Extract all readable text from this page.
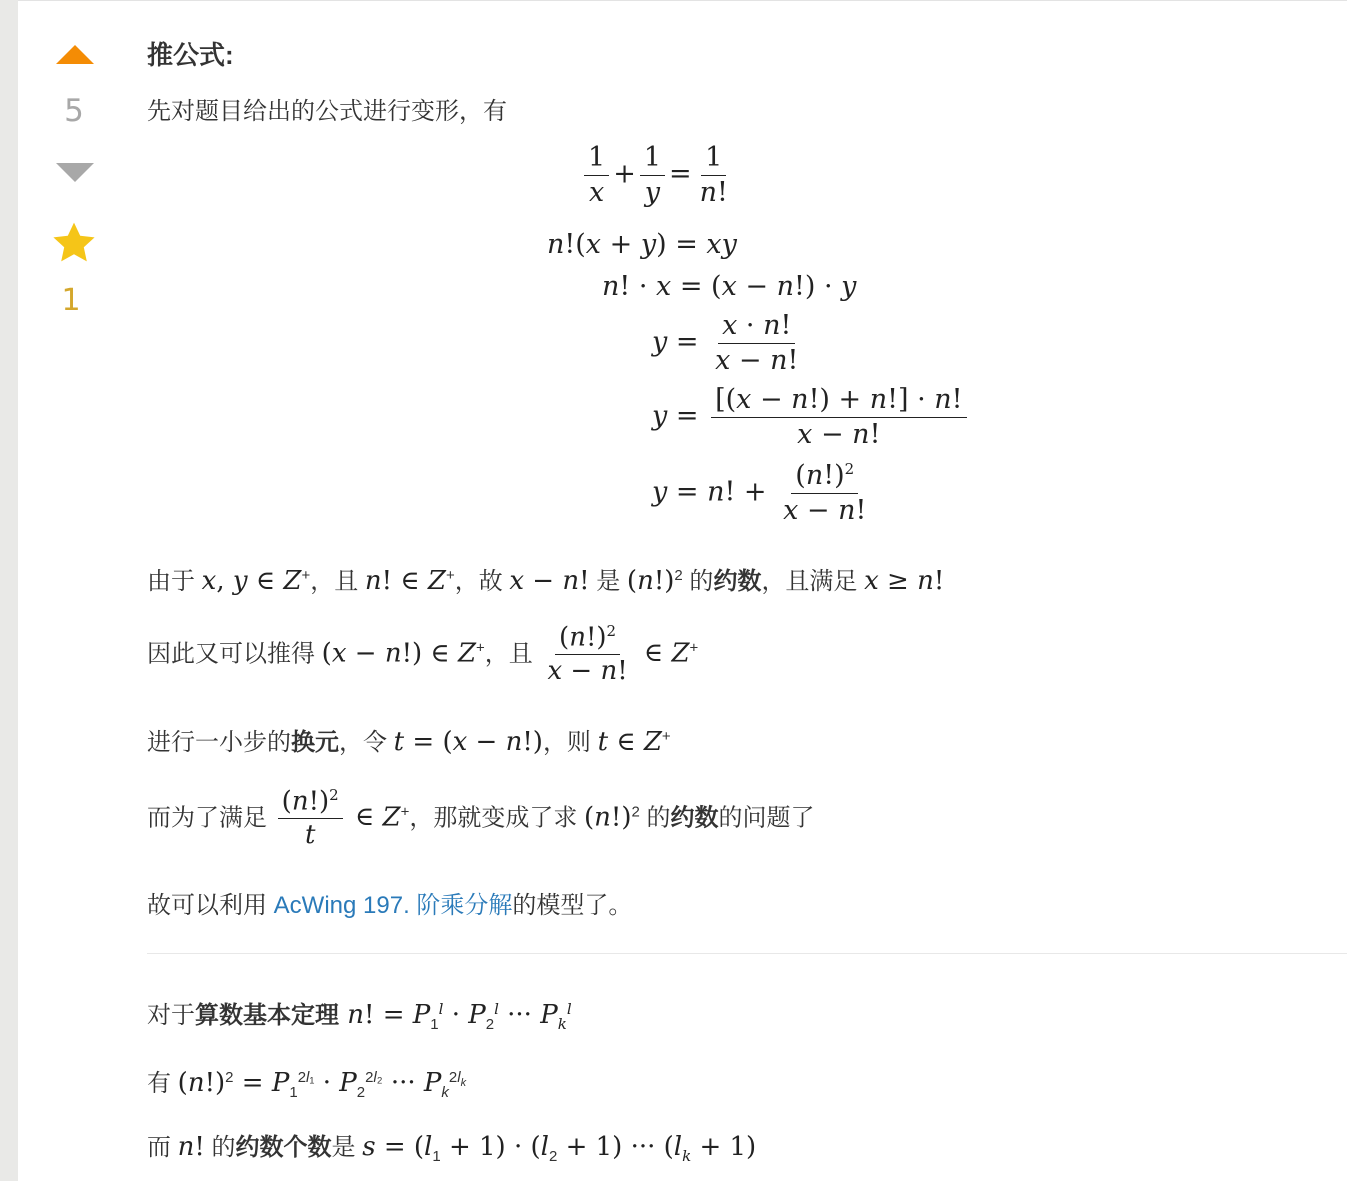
5
1
推公式:
先对题目给出的公式进行变形，有
$\frac{1}{x} + \frac{1}{y} = \frac{1}{n!}$
n!(x + y) = xy
n! · x = (x − n!) · y
$y = \frac{x \cdot n!}{x - n!}$
$y = \frac{[(x - n!) + n!] \cdot n!}{x - n!}$
y = n! + $\frac{(n!)^2}{x - n!}$
由于 x, y ∈ Z+，且 n! ∈ Z+，故 x − n! 是 $(n!)^2$ 的约数，且满足 x ≥ n!
因此又可以推得 (x − n!) ∈ Z+，且 $\frac{(n!)^2}{x - n!}$ ∈ Z+
进行一小步的换元，令 t = (x − n!)，则 t ∈ Z+
而为了满足 $\frac{(n!)^2}{t}$ ∈ Z+，那就变成了求 $(n!)^2$ 的约数的问题了
故可以利用 AcWing 197. 阶乘分解的模型了。
对于算数基本定理 n! = $P_1^l \cdot P_2^l$ ··· $P_k^l$
有 $(n!)^2 = P_1^{2l_1} \cdot P_2^{2l_2}$ ··· $P_k^{2l_k}$
而 n! 的约数个数是 $s = (l_1 + 1) \cdot (l_2 + 1)$ ··· $(l_k + 1)$
